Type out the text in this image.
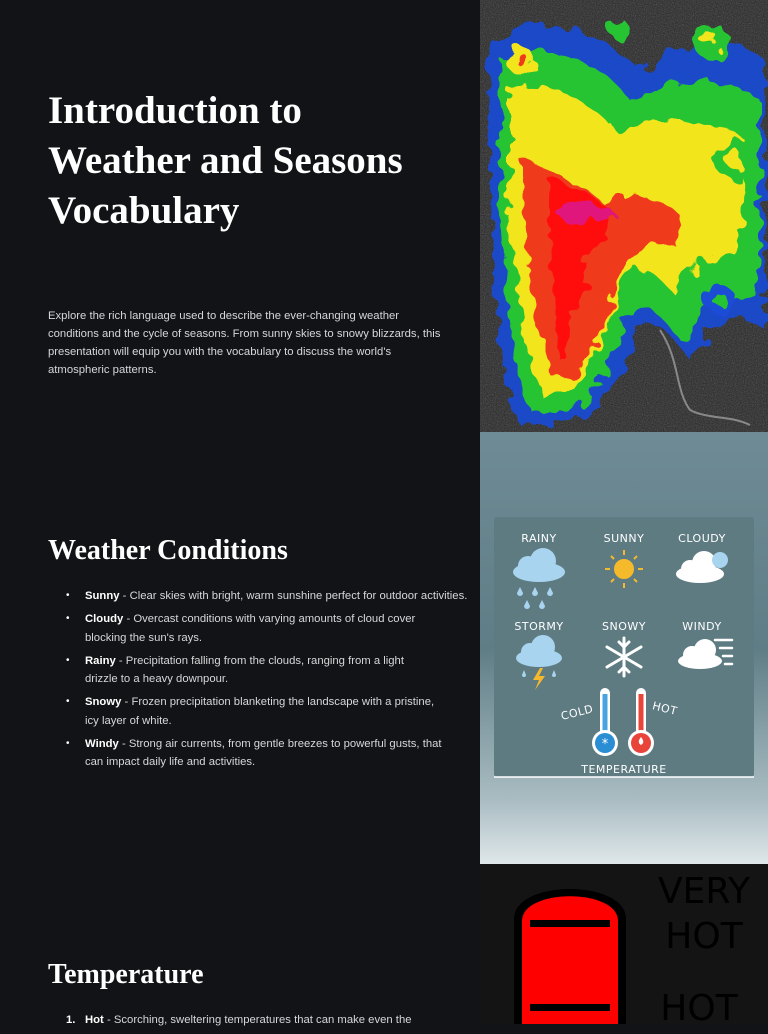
Introduction to
Weather and Seasons
Vocabulary

Explore the rich language used to describe the ever-changing weather
conditions and the cycle of seasons. From sunny skies to snowy blizzards, this
presentation will equip you with the vocabulary to discuss the world's
atmospheric patterns.

Weather Conditions
• Sunny - Clear skies with bright, warm sunshine perfect for outdoor activities.
• Cloudy - Overcast conditions with varying amounts of cloud cover
blocking the sun's rays.
• Rainy - Precipitation falling from the clouds, ranging from a light
drizzle to a heavy downpour.
• Snowy - Frozen precipitation blanketing the landscape with a pristine,
icy layer of white.
• Windy - Strong air currents, from gentle breezes to powerful gusts, that
can impact daily life and activities.
RAINY	SUNNY	CLOUDY
STORMY	SNOWY	WINDY
COLD	HOT
*
TEMPERATURE
Temperature
1. Hot - Scorching, sweltering temperatures that can make even the
VERY
HOT
HOT
